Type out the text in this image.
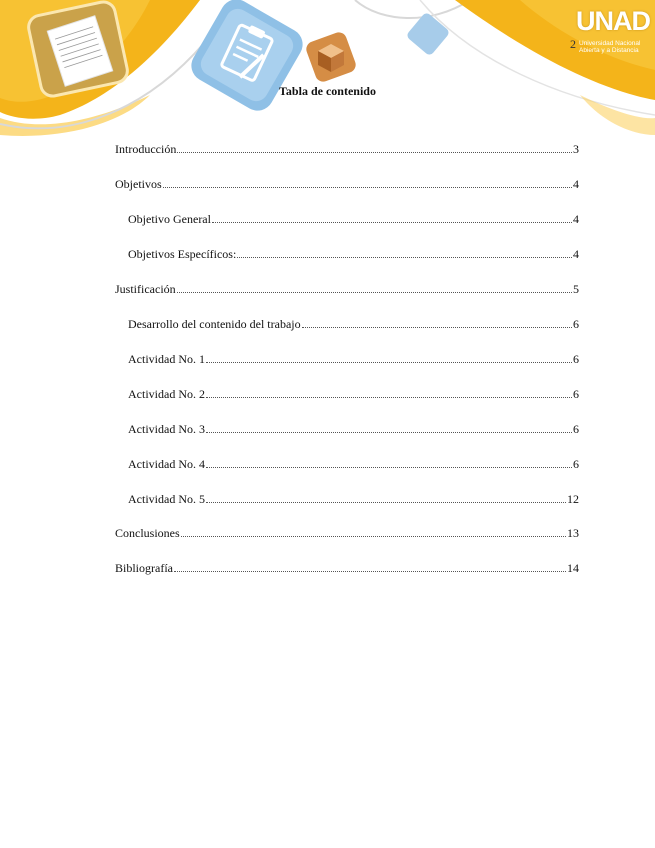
UNAD
Universidad Nacional Abierta y a Distancia
2
Tabla de contenido
Introducción	3
Objetivos	4
Objetivo General	4
Objetivos Específicos:	4
Justificación	5
Desarrollo del contenido del trabajo	6
Actividad No. 1	6
Actividad No. 2	6
Actividad No. 3	6
Actividad No. 4	6
Actividad No. 5	12
Conclusiones	13
Bibliografía	14
